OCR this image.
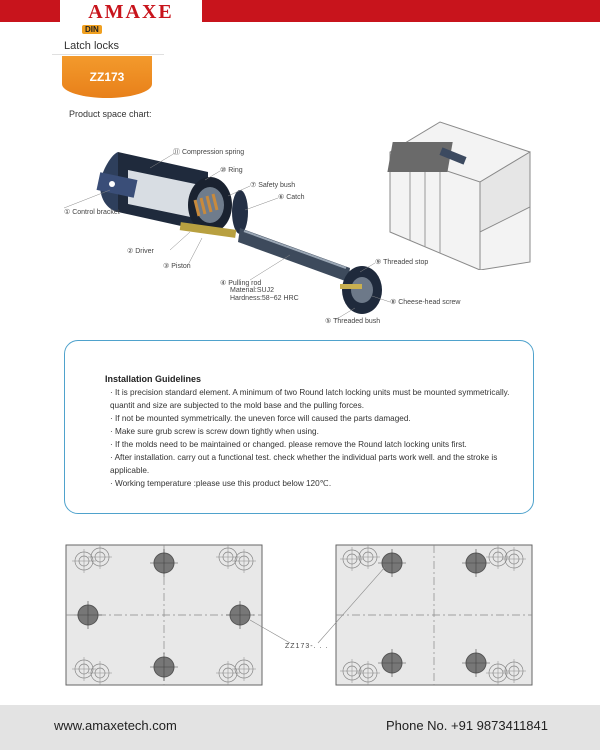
AMAXE
DIN
Latch locks
ZZ173
Product space chart:
⑪ Compression spring
⑩ Ring
⑦ Safety bush
⑥ Catch
① Control bracket
② Driver
③ Piston
④ Pulling rod
Material:SUJ2
Hardness:58~62 HRC
⑨ Threaded stop
⑧ Cheese-head screw
⑤ Threaded bush
Installation Guidelines
· It is precision standard element. A minimum of two Round latch locking units must be mounted symmetrically. quantit and size are subjected to the mold base and the pulling forces.
· If not be mounted symmetrically. the uneven force will caused the parts damaged.
· Make sure grub screw is screw down tightly when using.
· If the molds need to be maintained or changed. please remove the Round latch locking units first.
· After installation. carry out a functional test. check whether the individual parts work well. and the stroke is applicable.
· Working temperature :please use this product below 120℃.
ZZ173-. . .
www.amaxetech.com	Phone No. +91 9873411841
